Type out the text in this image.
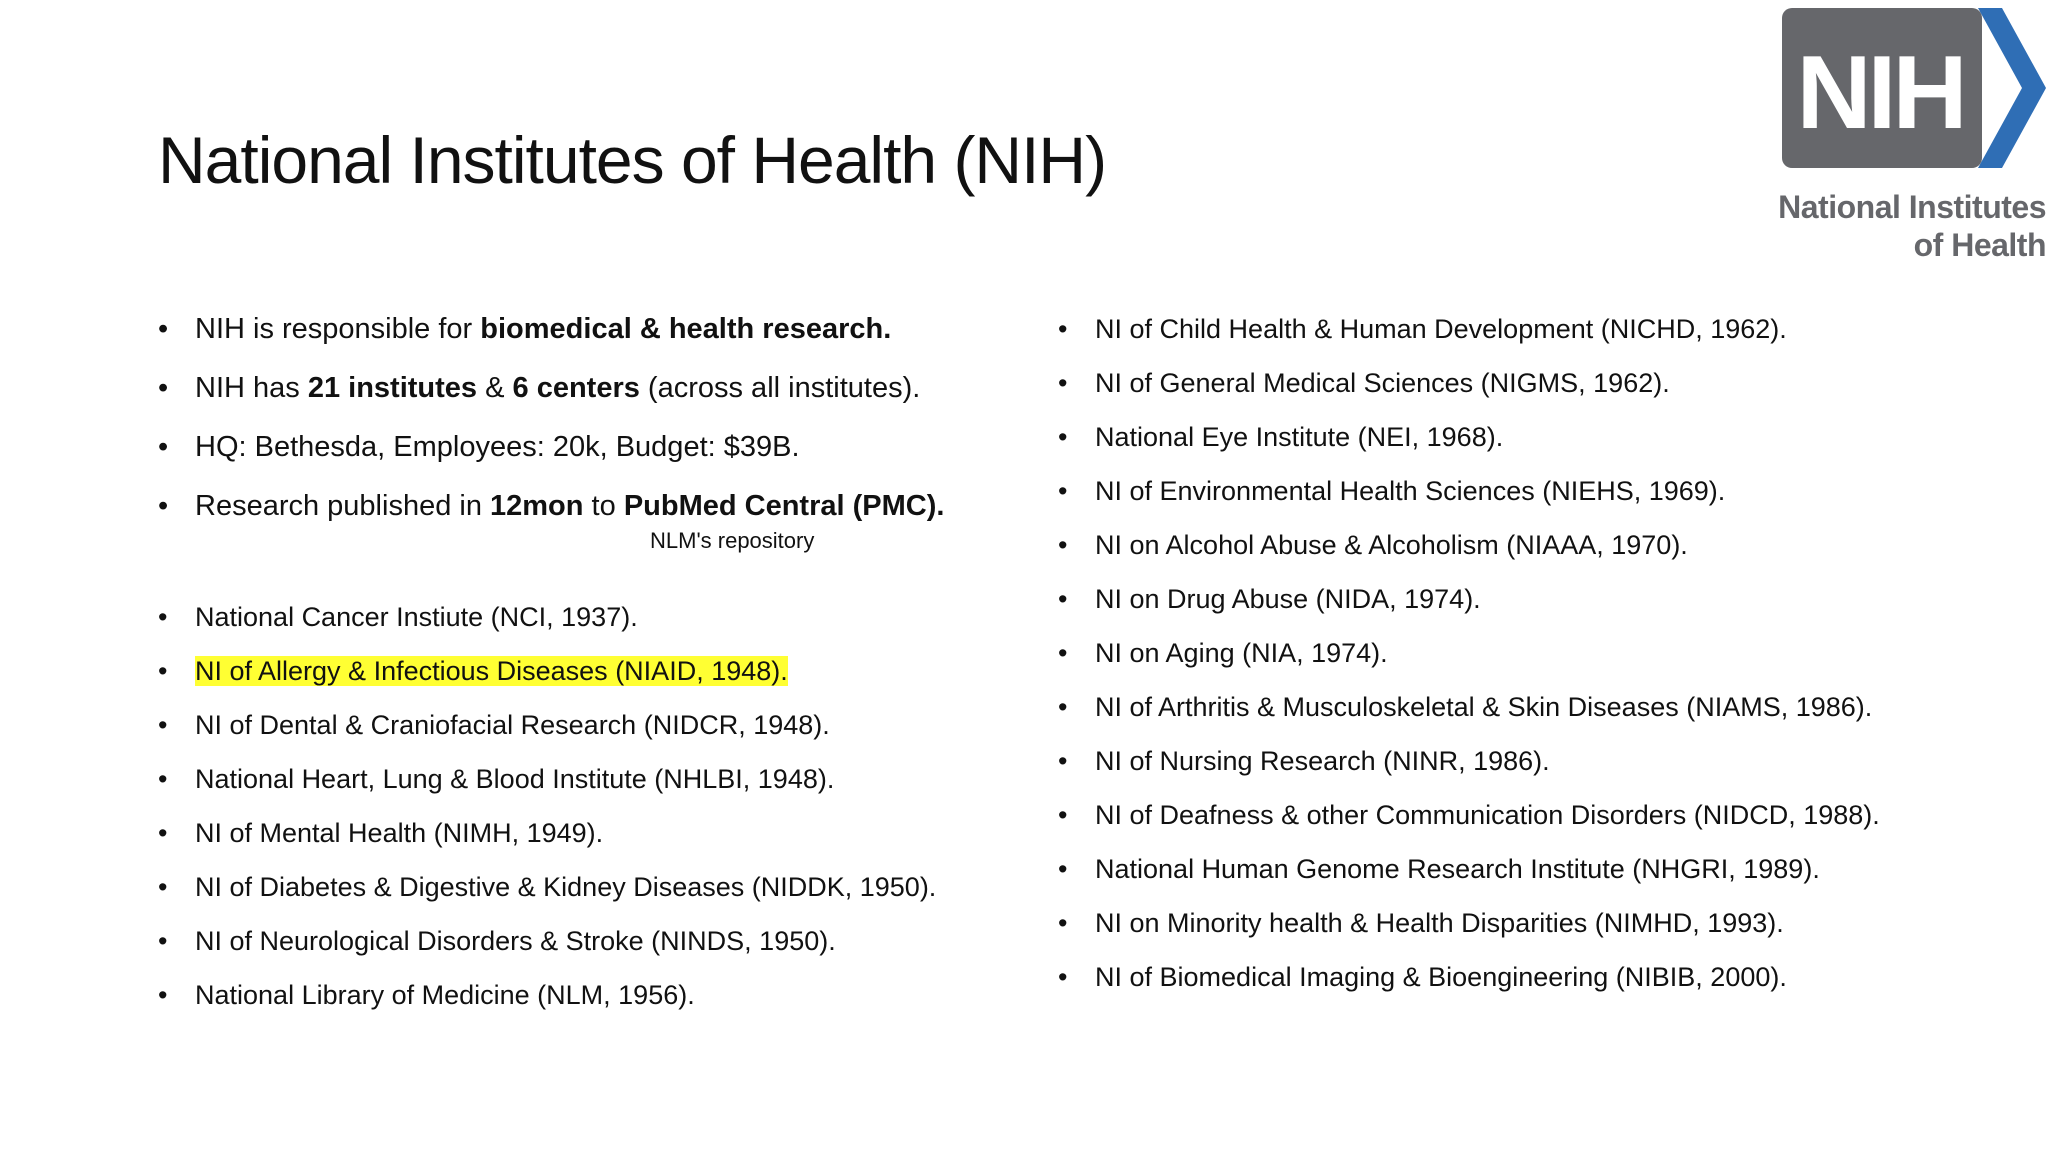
National Institutes of Health (NIH)
NIH
National Institutes
of Health
• NIH is responsible for biomedical & health research.
• NIH has 21 institutes & 6 centers (across all institutes).
• HQ: Bethesda, Employees: 20k, Budget: $39B.
• Research published in 12mon to PubMed Central (PMC).
NLM's repository
• National Cancer Instiute (NCI, 1937).
• NI of Allergy & Infectious Diseases (NIAID, 1948).
• NI of Dental & Craniofacial Research (NIDCR, 1948).
• National Heart, Lung & Blood Institute (NHLBI, 1948).
• NI of Mental Health (NIMH, 1949).
• NI of Diabetes & Digestive & Kidney Diseases (NIDDK, 1950).
• NI of Neurological Disorders & Stroke (NINDS, 1950).
• National Library of Medicine (NLM, 1956).
• NI of Child Health & Human Development (NICHD, 1962).
• NI of General Medical Sciences (NIGMS, 1962).
• National Eye Institute (NEI, 1968).
• NI of Environmental Health Sciences (NIEHS, 1969).
• NI on Alcohol Abuse & Alcoholism (NIAAA, 1970).
• NI on Drug Abuse (NIDA, 1974).
• NI on Aging (NIA, 1974).
• NI of Arthritis & Musculoskeletal & Skin Diseases (NIAMS, 1986).
• NI of Nursing Research (NINR, 1986).
• NI of Deafness & other Communication Disorders (NIDCD, 1988).
• National Human Genome Research Institute (NHGRI, 1989).
• NI on Minority health & Health Disparities (NIMHD, 1993).
• NI of Biomedical Imaging & Bioengineering (NIBIB, 2000).
